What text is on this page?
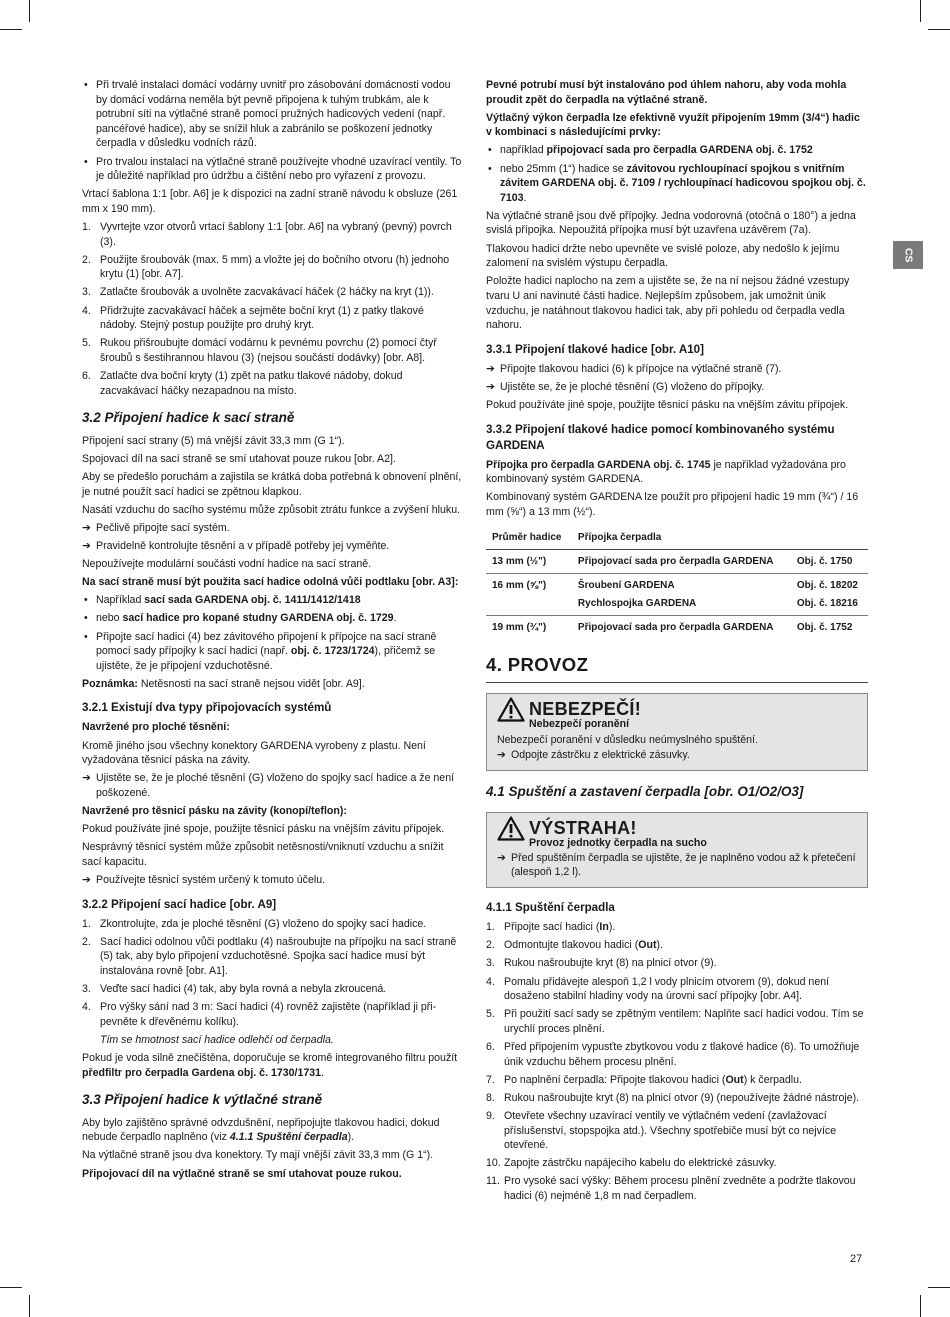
CS
• Při trvalé instalaci domácí vodárny uvnitř pro zásobování domácnosti vodou by domácí vodárna neměla být pevně připojena k tuhým trubkám, ale k potrubní síti na výtlačné straně pomocí pružných hadicových vedení (např. pancéřové hadice), aby se snížil hluk a zabránilo se poškození jednotky čerpadla v důsledku vodních rázů.
• Pro trvalou instalaci na výtlačné straně používejte vhodné uzavírací ventily. To je důležité například pro údržbu a čištění nebo pro vyřazení z provozu.

Vrtací šablona 1:1 [obr. A6] je k dispozici na zadní straně návodu k obsluze (261 mm x 190 mm).

1. Vyvrtejte vzor otvorů vrtací šablony 1:1 [obr. A6] na vybraný (pevný) povrch (3).
2. Použijte šroubovák (max. 5 mm) a vložte jej do bočního otvoru (h) jednoho krytu (1) [obr. A7].
3. Zatlačte šroubovák a uvolněte zacvakávací háček (2 háčky na kryt (1)).
4. Přidržujte zacvakávací háček a sejměte boční kryt (1) z patky tlakové nádoby. Stejný postup použijte pro druhý kryt.
5. Rukou přišroubujte domácí vodárnu k pevnému povrchu (2) pomocí čtyř šroubů s šestihrannou hlavou (3) (nejsou součástí dodávky) [obr. A8].
6. Zatlačte dva boční kryty (1) zpět na patku tlakové nádoby, dokud zacvakávací háčky nezapadnou na místo.
3.2 Připojení hadice k sací straně

Připojení sací strany (5) má vnější závit 33,3 mm (G 1“).

Spojovací díl na sací straně se smí utahovat pouze rukou [obr. A2].

Aby se předešlo poruchám a zajistila se krátká doba potřebná k obnovení plnění, je nutné použít sací hadici se zpětnou klapkou.

Nasátí vzduchu do sacího systému může způsobit ztrátu funkce a zvýšení hluku.

➔ Pečlivě připojte sací systém.
➔ Pravidelně kontrolujte těsnění a v případě potřeby jej vyměňte.

Nepoužívejte modulární součásti vodní hadice na sací straně.

Na sací straně musí být použita sací hadice odolná vůči podtlaku [obr. A3]:

• Například sací sada GARDENA obj. č. 1411/1412/1418
• nebo sací hadice pro kopané studny GARDENA obj. č. 1729.
• Připojte sací hadici (4) bez závitového připojení k přípojce na sací straně pomocí sady přípojky k sací hadici (např. obj. č. 1723/1724), přičemž se ujistěte, že je připojení vzduchotěsné.

Poznámka: Netěsnosti na sací straně nejsou vidět [obr. A9].

3.2.1 Existují dva typy připojovacích systémů

Navržené pro ploché těsnění:

Kromě jiného jsou všechny konektory GARDENA vyrobeny z plastu. Není vyžadována těsnicí páska na závity.

➔ Ujistěte se, že je ploché těsnění (G) vloženo do spojky sací hadice a že není poškozené.

Navržené pro těsnicí pásku na závity (konopí/teflon):

Pokud používáte jiné spoje, použijte těsnicí pásku na vnějším závitu přípojek.

Nesprávný těsnicí systém může způsobit netěsnosti/vniknutí vzduchu a snížit sací kapacitu.

➔ Používejte těsnicí systém určený k tomuto účelu.
3.2.2 Připojení sací hadice [obr. A9]
1. Zkontrolujte, zda je ploché těsnění (G) vloženo do spojky sací hadice.
2. Sací hadici odolnou vůči podtlaku (4) našroubujte na přípojku na sací straně (5) tak, aby bylo připojení vzduchotěsné. Spojka sací hadice musí být instalována rovně [obr. A1].
3. Veďte sací hadici (4) tak, aby byla rovná a nebyla zkroucená.
4. Pro výšky sání nad 3 m: Sací hadici (4) rovněž zajistěte (například ji připevněte k dřevěnému kolíku).

Tím se hmotnost sací hadice odlehčí od čerpadla.

Pokud je voda silně znečištěna, doporučuje se kromě integrovaného filtru použít předfiltr pro čerpadla Gardena obj. č. 1730/1731.

3.3 Připojení hadice k výtlačné straně

Aby bylo zajištěno správné odvzdušnění, nepřipojujte tlakovou hadici, dokud nebude čerpadlo naplněno (viz 4.1.1 Spuštění čerpadla).

Na výtlačné straně jsou dva konektory. Ty mají vnější závit 33,3 mm (G 1“).

Připojovací díl na výtlačné straně se smí utahovat pouze rukou.

Pevné potrubí musí být instalováno pod úhlem nahoru, aby voda mohla proudit zpět do čerpadla na výtlačné straně.

Výtlačný výkon čerpadla lze efektivně využít připojením 19mm (3/4“) hadic v kombinaci s následujícími prvky:

• například připojovací sada pro čerpadla GARDENA obj. č. 1752
• nebo 25mm (1“) hadice se závitovou rychloupínací spojkou s vnitřním závitem GARDENA obj. č. 7109 / rychloupínací hadicovou spojkou obj. č. 7103.

Na výtlačné straně jsou dvě přípojky. Jedna vodorovná (otočná o 180°) a jedna svislá přípojka. Nepoužitá přípojka musí být uzavřena uzávěrem (7a).

Tlakovou hadici držte nebo upevněte ve svislé poloze, aby nedošlo k jejímu zalomení na svislém výstupu čerpadla.

Položte hadici naplocho na zem a ujistěte se, že na ní nejsou žádné vzestupy tvaru U ani navinuté části hadice. Nejlepším způsobem, jak umožnit únik vzduchu, je natáhnout tlakovou hadici tak, aby při pohledu od čerpadla vedla nahoru.

3.3.1 Připojení tlakové hadice [obr. A10]
➔ Připojte tlakovou hadici (6) k přípojce na výtlačné straně (7).
➔ Ujistěte se, že je ploché těsnění (G) vloženo do přípojky.

Pokud používáte jiné spoje, použijte těsnicí pásku na vnějším závitu přípojek.

3.3.2 Připojení tlakové hadice pomocí kombinovaného systému GARDENA

Přípojka pro čerpadla GARDENA obj. č. 1745 je například vyžadována pro kombinovaný systém GARDENA.

Kombinovaný systém GARDENA lze použít pro připojení hadic 19 mm (¾“) / 16 mm (⅝“) a 13 mm (½“).

Průměr hadice	Přípojka čerpadla	
13 mm (½")	Připojovací sada pro čerpadla GARDENA	Obj. č. 1750
16 mm (⅝")	Šroubení GARDENA	Obj. č. 18202
	Rychlospojka GARDENA	Obj. č. 18216
19 mm (¾")	Připojovací sada pro čerpadla GARDENA	Obj. č. 1752
4. PROVOZ
NEBEZPEČÍ!
Nebezpečí poranění

Nebezpečí poranění v důsledku neúmyslného spuštění.

➔ Odpojte zástrčku z elektrické zásuvky.
4.1 Spuštění a zastavení čerpadla [obr. O1/O2/O3]
VÝSTRAHA!
Provoz jednotky čerpadla na sucho
➔ Před spuštěním čerpadla se ujistěte, že je naplněno vodou až k přetečení (alespoň 1,2 l).
4.1.1 Spuštění čerpadla
1. Připojte sací hadici (In).
2. Odmontujte tlakovou hadici (Out).
3. Rukou našroubujte kryt (8) na plnicí otvor (9).
4. Pomalu přidávejte alespoň 1,2 l vody plnicím otvorem (9), dokud není dosaženo stabilní hladiny vody na úrovni sací přípojky [obr. A4].
5. Při použití sací sady se zpětným ventilem: Naplňte sací hadici vodou. Tím se urychlí proces plnění.
6. Před připojením vypusťte zbytkovou vodu z tlakové hadice (6). To umožňuje únik vzduchu během procesu plnění.
7. Po naplnění čerpadla: Připojte tlakovou hadici (Out) k čerpadlu.
8. Rukou našroubujte kryt (8) na plnicí otvor (9) (nepoužívejte žádné nástroje).
9. Otevřete všechny uzavírací ventily ve výtlačném vedení (zavlažovací příslušenství, stopspojka atd.). Všechny spotřebiče musí být co nejvíce otevřené.
10. Zapojte zástrčku napájecího kabelu do elektrické zásuvky.
11. Pro vysoké sací výšky: Během procesu plnění zvedněte a podržte tlakovou hadici (6) nejméně 1,8 m nad čerpadlem.
27
